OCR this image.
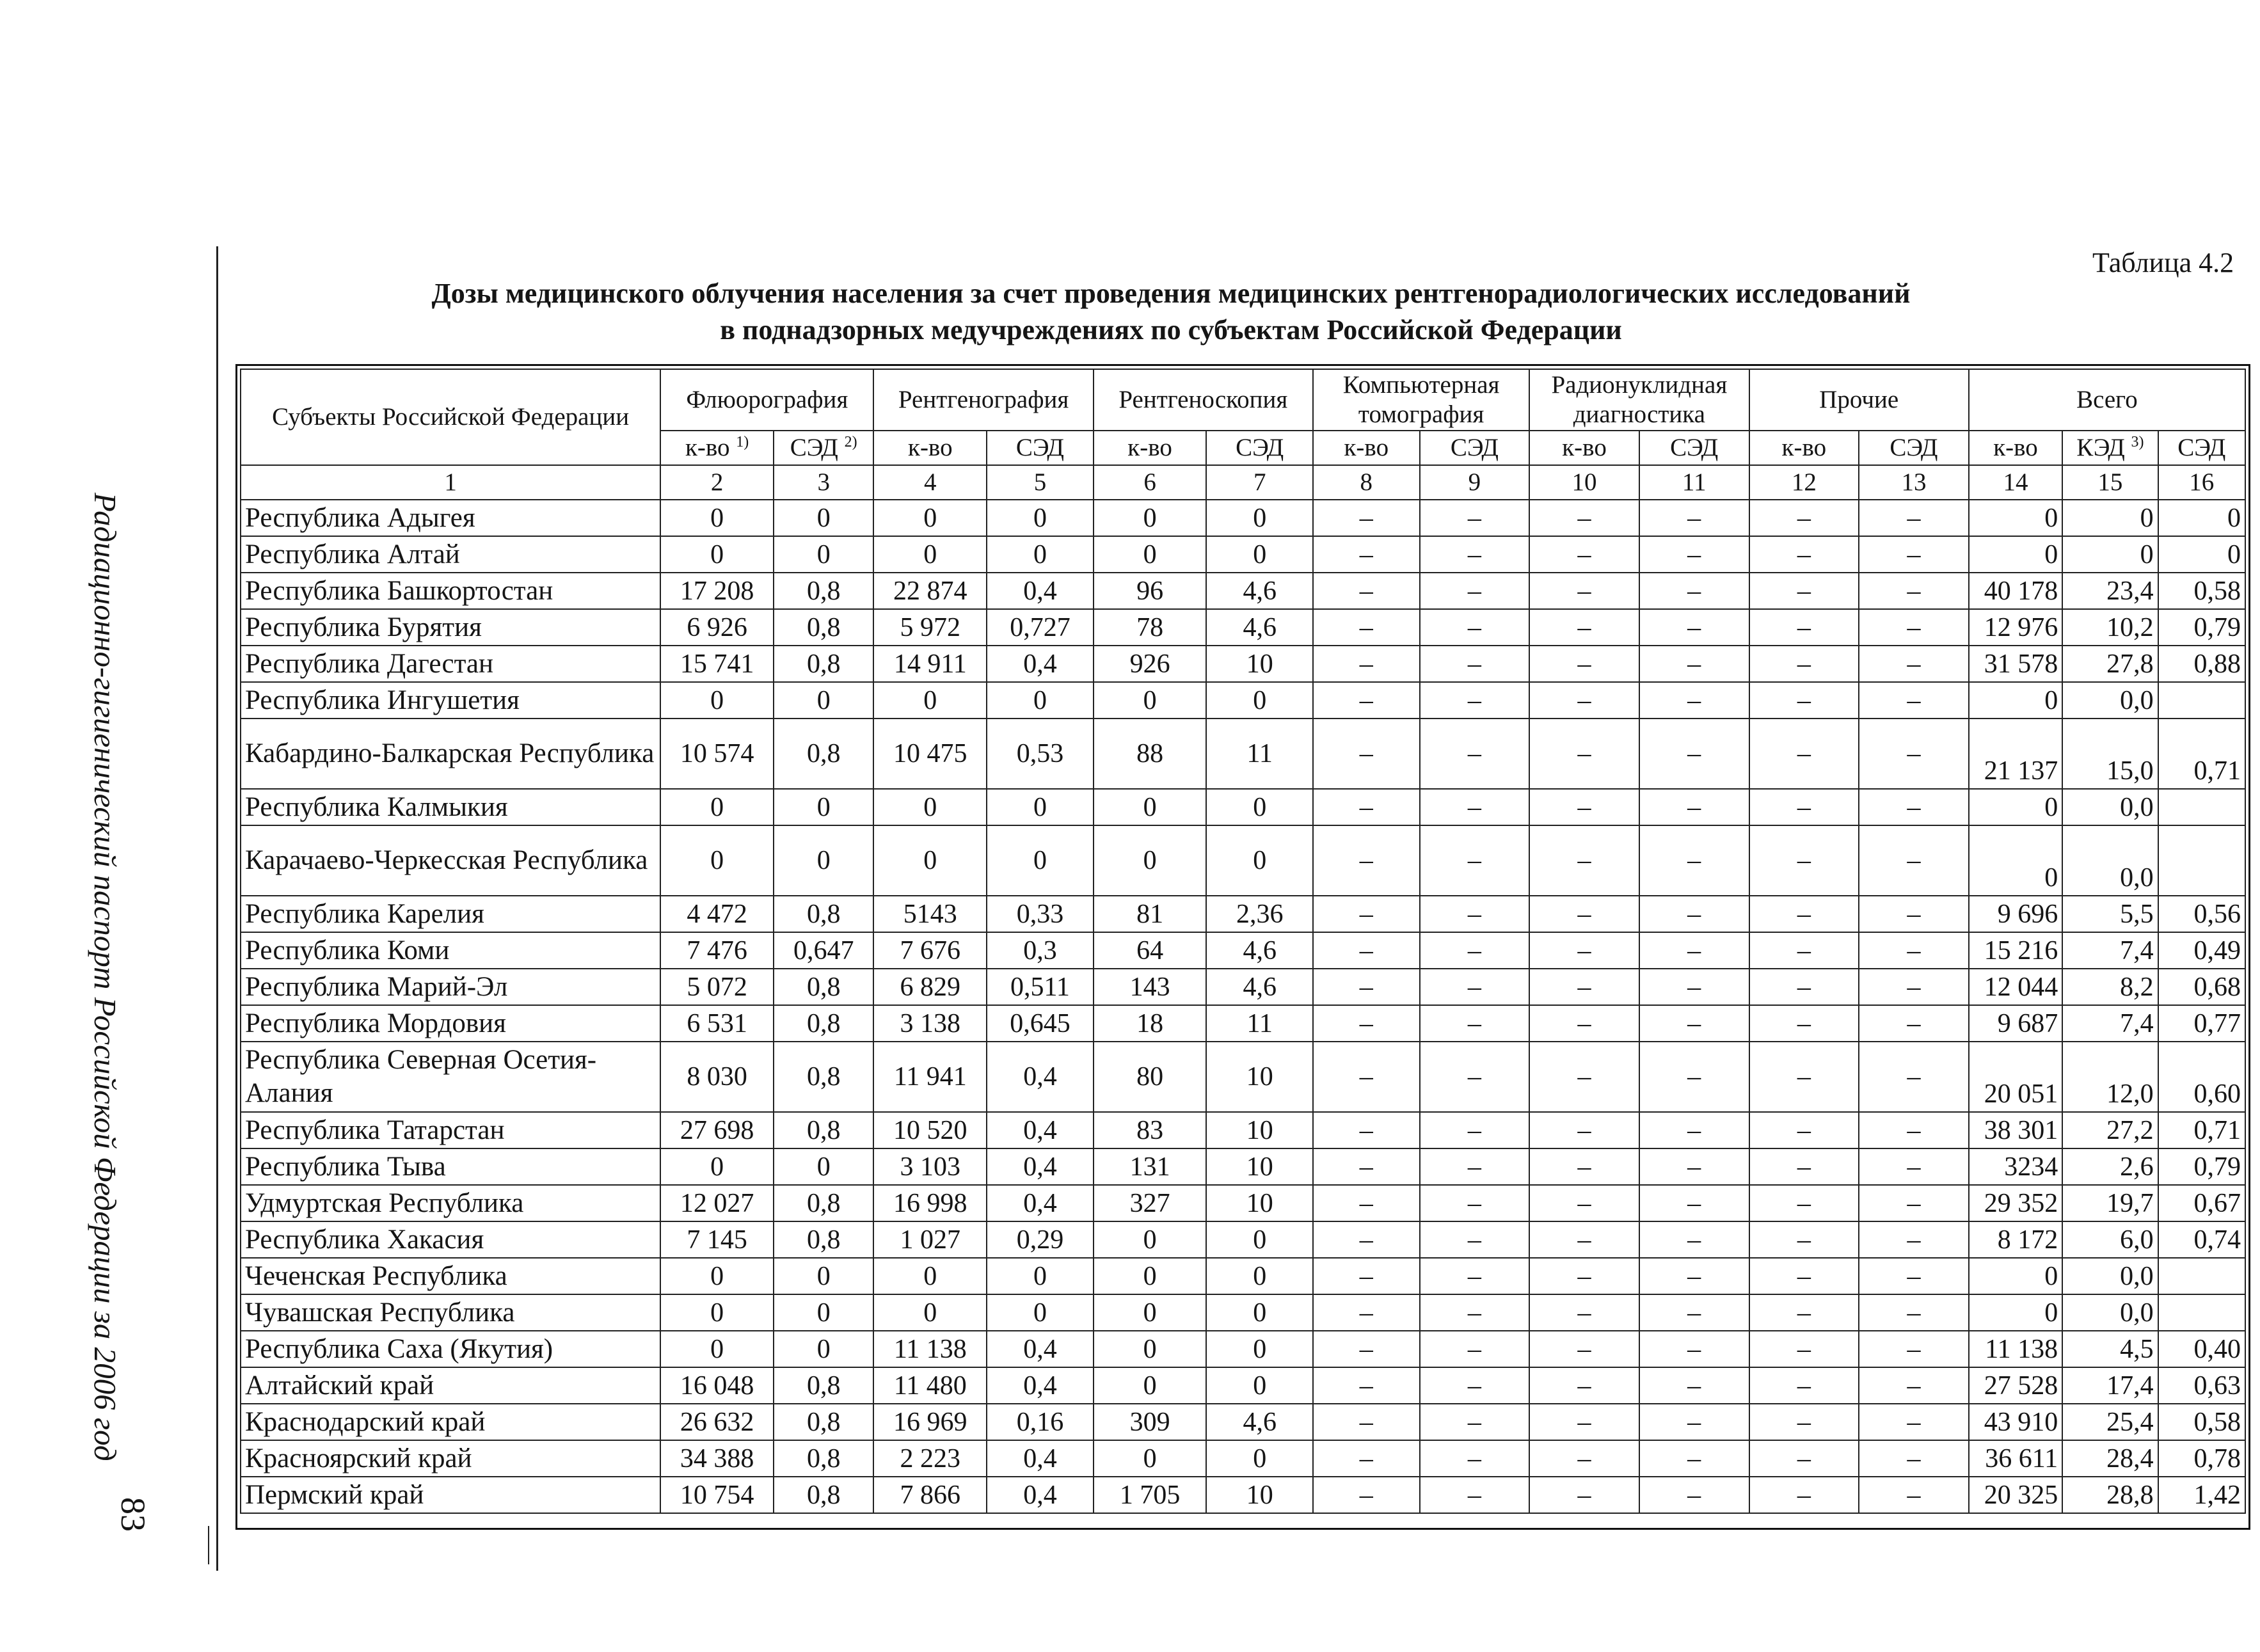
Радиационно-гигиенический паспорт Российской Федерации за 2006 год
83
Таблица 4.2
Дозы медицинского облучения населения за счет проведения медицинских рентгенорадиологических исследований
в поднадзорных медучреждениях по субъектам Российской Федерации
Субъекты Российской Федерации	Флюорография		Рентгенография		Рентгеноскопия		Компьютерная томография		Радионуклидная диагностика		Прочие		Всего		
	к-во $^{1)}$	СЭД $^{2)}$	к-во	СЭД	к-во	СЭД	к-во	СЭД	к-во	СЭД	к-во	СЭД	к-во	КЭД $^{3)}$	СЭД
1	2	3	4	5	6	7	8	9	10	11	12	13	14	15	16
Республика Адыгея	0	0	0	0	0	0	–	–	–	–	–	–	0	0	0
Республика Алтай	0	0	0	0	0	0	–	–	–	–	–	–	0	0	0
Республика Башкортостан	17 208	0,8	22 874	0,4	96	4,6	–	–	–	–	–	–	40 178	23,4	0,58
Республика Бурятия	6 926	0,8	5 972	0,727	78	4,6	–	–	–	–	–	–	12 976	10,2	0,79
Республика Дагестан	15 741	0,8	14 911	0,4	926	10	–	–	–	–	–	–	31 578	27,8	0,88
Республика Ингушетия	0	0	0	0	0	0	–	–	–	–	–	–	0	0,0	
Кабардино-Балкарская Республика	10 574	0,8	10 475	0,53	88	11	–	–	–	–	–	–	21 137	15,0	0,71
Республика Калмыкия	0	0	0	0	0	0	–	–	–	–	–	–	0	0,0	
Карачаево-Черкесская Республика	0	0	0	0	0	0	–	–	–	–	–	–	0	0,0	
Республика Карелия	4 472	0,8	5143	0,33	81	2,36	–	–	–	–	–	–	9 696	5,5	0,56
Республика Коми	7 476	0,647	7 676	0,3	64	4,6	–	–	–	–	–	–	15 216	7,4	0,49
Республика Марий-Эл	5 072	0,8	6 829	0,511	143	4,6	–	–	–	–	–	–	12 044	8,2	0,68
Республика Мордовия	6 531	0,8	3 138	0,645	18	11	–	–	–	–	–	–	9 687	7,4	0,77
Республика Северная Осетия-Алания	8 030	0,8	11 941	0,4	80	10	–	–	–	–	–	–	20 051	12,0	0,60
Республика Татарстан	27 698	0,8	10 520	0,4	83	10	–	–	–	–	–	–	38 301	27,2	0,71
Республика Тыва	0	0	3 103	0,4	131	10	–	–	–	–	–	–	3234	2,6	0,79
Удмуртская Республика	12 027	0,8	16 998	0,4	327	10	–	–	–	–	–	–	29 352	19,7	0,67
Республика Хакасия	7 145	0,8	1 027	0,29	0	0	–	–	–	–	–	–	8 172	6,0	0,74
Чеченская Республика	0	0	0	0	0	0	–	–	–	–	–	–	0	0,0	
Чувашская Республика	0	0	0	0	0	0	–	–	–	–	–	–	0	0,0	
Республика Саха (Якутия)	0	0	11 138	0,4	0	0	–	–	–	–	–	–	11 138	4,5	0,40
Алтайский край	16 048	0,8	11 480	0,4	0	0	–	–	–	–	–	–	27 528	17,4	0,63
Краснодарский край	26 632	0,8	16 969	0,16	309	4,6	–	–	–	–	–	–	43 910	25,4	0,58
Красноярский край	34 388	0,8	2 223	0,4	0	0	–	–	–	–	–	–	36 611	28,4	0,78
Пермский край	10 754	0,8	7 866	0,4	1 705	10	–	–	–	–	–	–	20 325	28,8	1,42
